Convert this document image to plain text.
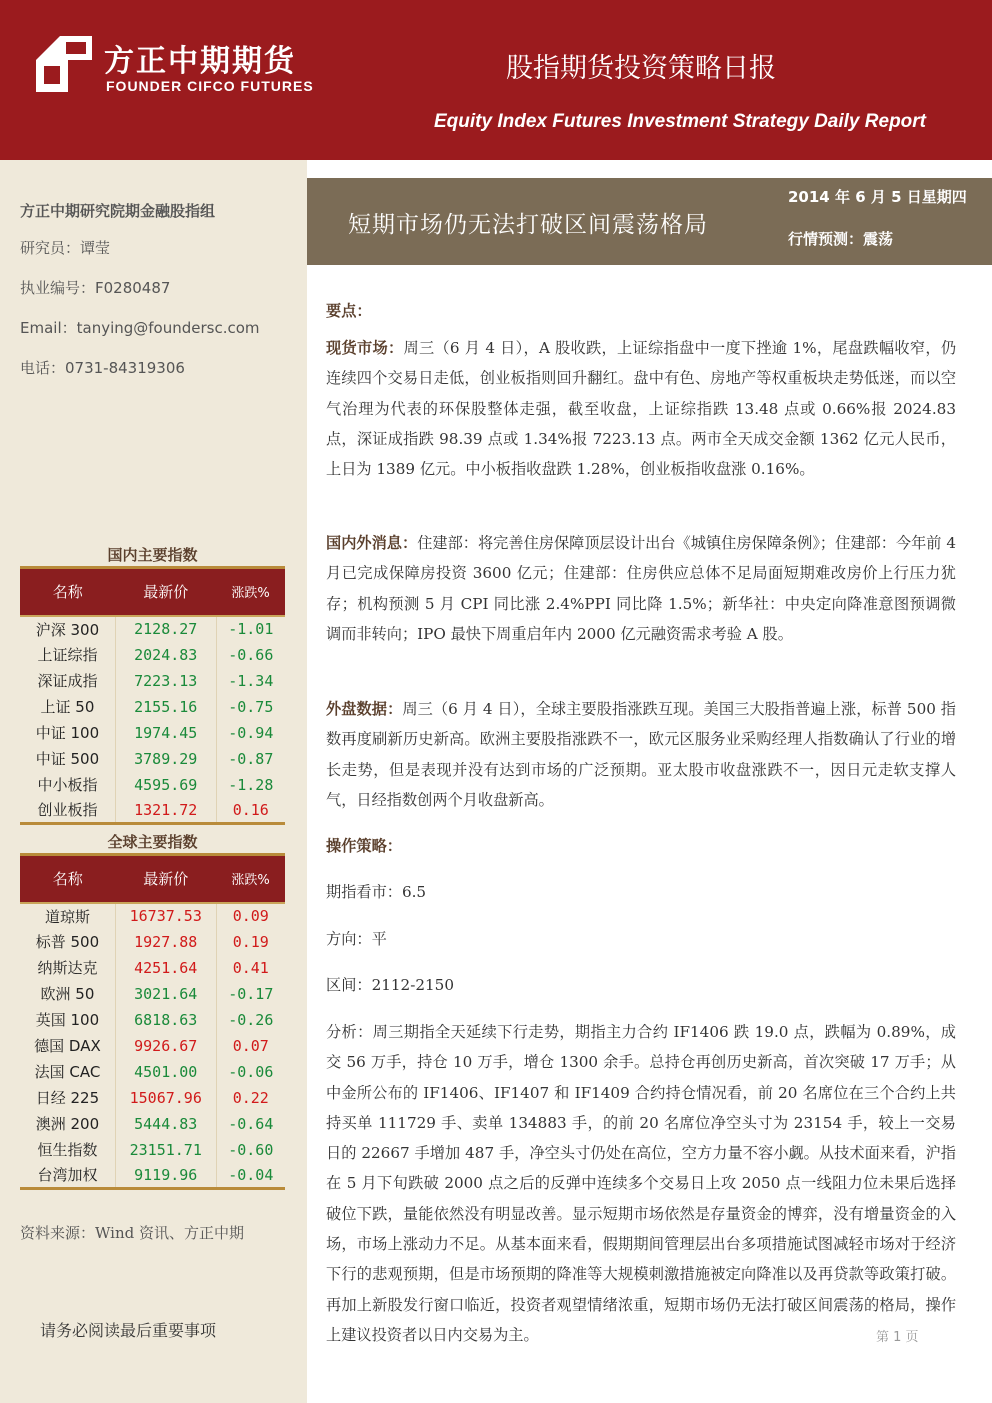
方正中期期货
FOUNDER CIFCO FUTURES
股指期货投资策略日报
Equity Index Futures Investment Strategy Daily Report
方正中期研究院期金融股指组
研究员：谭莹
执业编号：F0280487
Email：tanying@foundersc.com
电话：0731-84319306
短期市场仍无法打破区间震荡格局
2014 年 6 月 5 日星期四
行情预测：震荡
国内主要指数
名称	最新价	涨跌%
沪深 300	2128.27	-1.01
上证综指	2024.83	-0.66
深证成指	7223.13	-1.34
上证 50	2155.16	-0.75
中证 100	1974.45	-0.94
中证 500	3789.29	-0.87
中小板指	4595.69	-1.28
创业板指	1321.72	0.16
全球主要指数
名称	最新价	涨跌%
道琼斯	16737.53	0.09
标普 500	1927.88	0.19
纳斯达克	4251.64	0.41
欧洲 50	3021.64	-0.17
英国 100	6818.63	-0.26
德国 DAX	9926.67	0.07
法国 CAC	4501.00	-0.06
日经 225	15067.96	0.22
澳洲 200	5444.83	-0.64
恒生指数	23151.71	-0.60
台湾加权	9119.96	-0.04
资料来源：Wind 资讯、方正中期
请务必阅读最后重要事项
要点：
现货市场：周三（6 月 4 日），A 股收跌，上证综指盘中一度下挫逾 1%，尾盘跌幅收窄，仍连续四个交易日走低，创业板指则回升翻红。盘中有色、房地产等权重板块走势低迷，而以空气治理为代表的环保股整体走强，截至收盘，上证综指跌 13.48 点或 0.66%报 2024.83 点，深证成指跌 98.39 点或 1.34%报 7223.13 点。两市全天成交金额 1362 亿元人民币，上日为 1389 亿元。中小板指收盘跌 1.28%，创业板指收盘涨 0.16%。
国内外消息：住建部：将完善住房保障顶层设计出台《城镇住房保障条例》；住建部：今年前 4 月已完成保障房投资 3600 亿元；住建部：住房供应总体不足局面短期难改房价上行压力犹存；机构预测 5 月 CPI 同比涨 2.4%PPI 同比降 1.5%；新华社：中央定向降准意图预调微调而非转向；IPO 最快下周重启年内 2000 亿元融资需求考验 A 股。
外盘数据：周三（6 月 4 日），全球主要股指涨跌互现。美国三大股指普遍上涨，标普 500 指数再度刷新历史新高。欧洲主要股指涨跌不一，欧元区服务业采购经理人指数确认了行业的增长走势，但是表现并没有达到市场的广泛预期。亚太股市收盘涨跌不一，因日元走软支撑人气，日经指数创两个月收盘新高。
操作策略：
期指看市：6.5
方向：平
区间：2112-2150
分析：周三期指全天延续下行走势，期指主力合约 IF1406 跌 19.0 点，跌幅为 0.89%，成交 56 万手，持仓 10 万手，增仓 1300 余手。总持仓再创历史新高，首次突破 17 万手；从中金所公布的 IF1406、IF1407 和 IF1409 合约持仓情况看，前 20 名席位在三个合约上共持买单 111729 手、卖单 134883 手，的前 20 名席位净空头寸为 23154 手，较上一交易日的 22667 手增加 487 手，净空头寸仍处在高位，空方力量不容小觑。从技术面来看，沪指在 5 月下旬跌破 2000 点之后的反弹中连续多个交易日上攻 2050 点一线阻力位未果后选择破位下跌，量能依然没有明显改善。显示短期市场依然是存量资金的博弈，没有增量资金的入场，市场上涨动力不足。从基本面来看，假期期间管理层出台多项措施试图减轻市场对于经济下行的悲观预期，但是市场预期的降准等大规模刺激措施被定向降准以及再贷款等政策打破。再加上新股发行窗口临近，投资者观望情绪浓重，短期市场仍无法打破区间震荡的格局，操作上建议投资者以日内交易为主。	第 1 页
